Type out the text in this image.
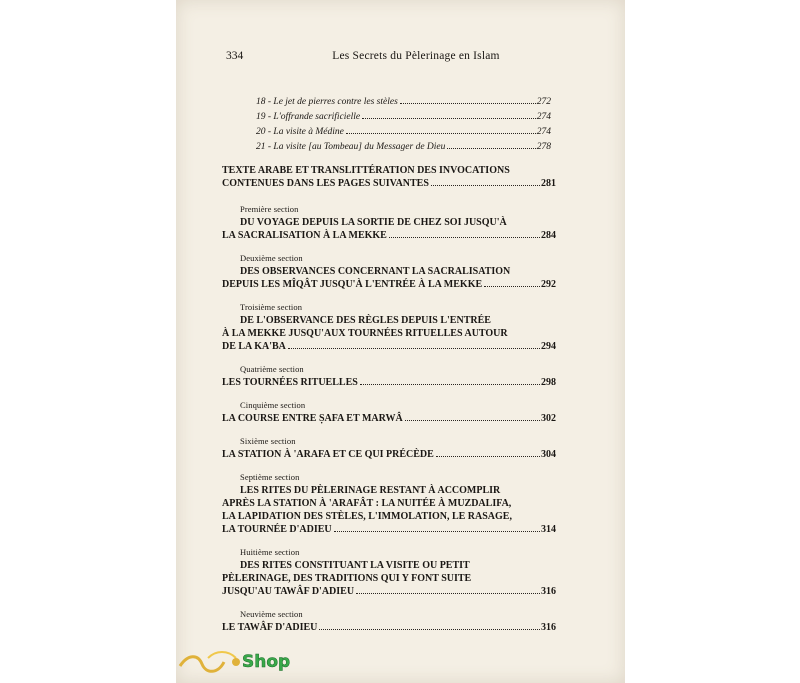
334	Les Secrets du Pèlerinage en Islam
18 - Le jet de pierres contre les stèles	272
19 - L'offrande sacrificielle	274
20 - La visite à Médine	274
21 - La visite [au Tombeau] du Messager de Dieu	278
TEXTE ARABE ET TRANSLITTÉRATION DES INVOCATIONS
CONTENUES DANS LES PAGES SUIVANTES	281
Première section
DU VOYAGE DEPUIS LA SORTIE DE CHEZ SOI JUSQU'À
LA SACRALISATION À LA MEKKE	284
Deuxième section
DES OBSERVANCES CONCERNANT LA SACRALISATION
DEPUIS LES MÎQÂT JUSQU'À L'ENTRÉE À LA MEKKE	292
Troisième section
DE L'OBSERVANCE DES RÈGLES DEPUIS L'ENTRÉE
À LA MEKKE JUSQU'AUX TOURNÉES RITUELLES AUTOUR
DE LA KA'BA	294
Quatrième section
LES TOURNÉES RITUELLES	298
Cinquième section
LA COURSE ENTRE ṢAFA ET MARWÂ	302
Sixième section
LA STATION À 'ARAFA ET CE QUI PRÉCÈDE	304
Septième section
LES RITES DU PÈLERINAGE RESTANT À ACCOMPLIR
APRÈS LA STATION À 'ARAFÂT : LA NUITÉE À MUZDALIFA,
LA LAPIDATION DES STÈLES, L'IMMOLATION, LE RASAGE,
LA TOURNÉE D'ADIEU	314
Huitième section
DES RITES CONSTITUANT LA VISITE OU PETIT
PÈLERINAGE, DES TRADITIONS QUI Y FONT SUITE
JUSQU'AU TAWÂF D'ADIEU	316
Neuvième section
LE TAWÂF D'ADIEU	316
Shop
